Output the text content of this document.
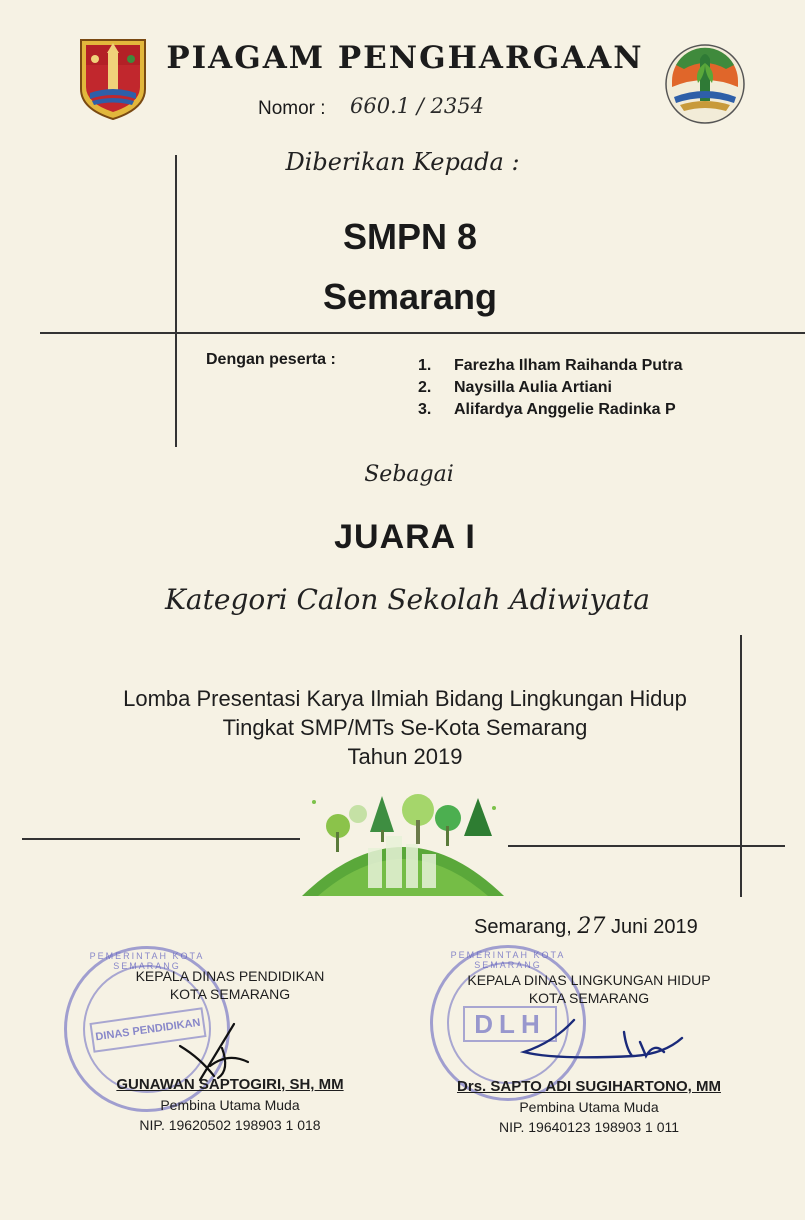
PIAGAM PENGHARGAAN
Nomor : 660.1 / 2354
Diberikan Kepada :
SMPN 8
Semarang
Dengan peserta :	1. Farezha Ilham Raihanda Putra
2. Naysilla Aulia Artiani
3. Alifardya Anggelie Radinka P
Sebagai
JUARA I
Kategori Calon Sekolah Adiwiyata
Lomba Presentasi Karya Ilmiah Bidang Lingkungan Hidup
Tingkat SMP/MTs Se-Kota Semarang
Tahun 2019
Semarang, 27 Juni 2019
DINAS PENDIDIKAN
PEMERINTAH KOTA SEMARANG
DLH
PEMERINTAH KOTA SEMARANG
KEPALA DINAS PENDIDIKAN
KOTA SEMARANG
GUNAWAN SAPTOGIRI, SH, MM
Pembina Utama Muda
NIP. 19620502 198903 1 018
KEPALA DINAS LINGKUNGAN HIDUP
KOTA SEMARANG
Drs. SAPTO ADI SUGIHARTONO, MM
Pembina Utama Muda
NIP. 19640123 198903 1 011
